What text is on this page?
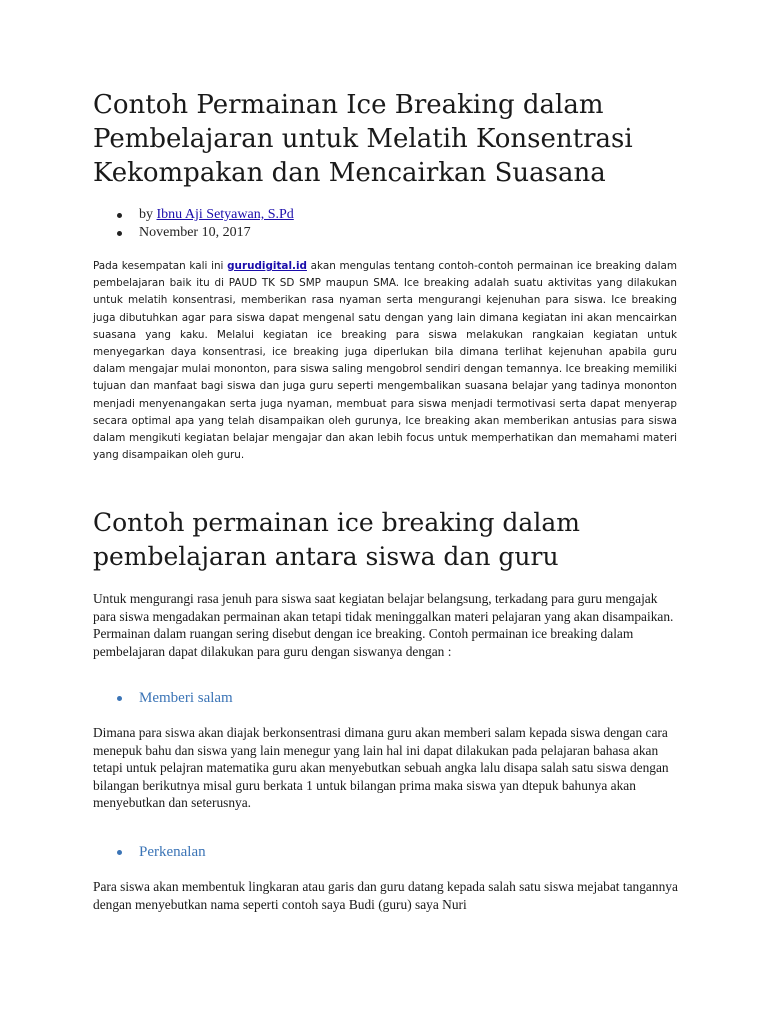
Contoh Permainan Ice Breaking dalam Pembelajaran untuk Melatih Konsentrasi Kekompakan dan Mencairkan Suasana
by Ibnu Aji Setyawan, S.Pd
November 10, 2017

Pada kesempatan kali ini gurudigital.id akan mengulas tentang contoh-contoh permainan ice breaking dalam pembelajaran baik itu di PAUD TK SD SMP maupun SMA. Ice breaking adalah suatu aktivitas yang dilakukan untuk melatih konsentrasi, memberikan rasa nyaman serta mengurangi kejenuhan para siswa. Ice breaking juga dibutuhkan agar para siswa dapat mengenal satu dengan yang lain dimana kegiatan ini akan mencairkan suasana yang kaku. Melalui kegiatan ice breaking para siswa melakukan rangkaian kegiatan untuk menyegarkan daya konsentrasi, ice breaking juga diperlukan bila dimana terlihat kejenuhan apabila guru dalam mengajar mulai mononton, para siswa saling mengobrol sendiri dengan temannya. Ice breaking memiliki tujuan dan manfaat bagi siswa dan juga guru seperti mengembalikan suasana belajar yang tadinya mononton menjadi menyenangakan serta juga nyaman, membuat para siswa menjadi termotivasi serta dapat menyerap secara optimal apa yang telah disampaikan oleh gurunya, Ice breaking akan memberikan antusias para siswa dalam mengikuti kegiatan belajar mengajar dan akan lebih focus untuk memperhatikan dan memahami materi yang disampaikan oleh guru.

Contoh permainan ice breaking dalam pembelajaran antara siswa dan guru

Untuk mengurangi rasa jenuh para siswa saat kegiatan belajar belangsung, terkadang para guru mengajak para siswa mengadakan permainan akan tetapi tidak meninggalkan materi pelajaran yang akan disampaikan. Permainan dalam ruangan sering disebut dengan ice breaking. Contoh permainan ice breaking dalam pembelajaran dapat dilakukan para guru dengan siswanya dengan :

Memberi salam

Dimana para siswa akan diajak berkonsentrasi dimana guru akan memberi salam kepada siswa dengan cara menepuk bahu dan siswa yang lain menegur yang lain hal ini dapat dilakukan pada pelajaran bahasa akan tetapi untuk pelajran matematika guru akan menyebutkan sebuah angka lalu disapa salah satu siswa dengan bilangan berikutnya misal guru berkata 1 untuk bilangan prima maka siswa yan dtepuk bahunya akan menyebutkan dan seterusnya.

Perkenalan

Para siswa akan membentuk lingkaran atau garis dan guru datang kepada salah satu siswa mejabat tangannya dengan menyebutkan nama seperti contoh saya Budi (guru) saya Nuri
